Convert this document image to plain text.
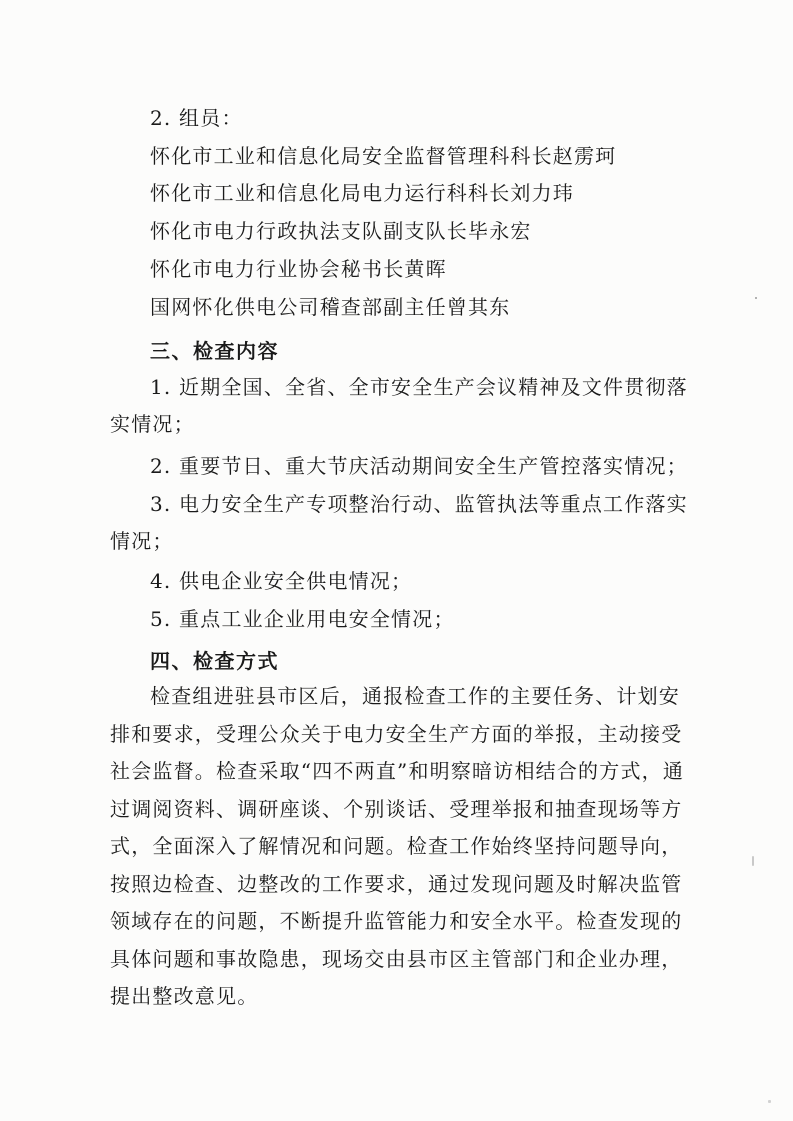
2. 组员：

怀化市工业和信息化局安全监督管理科科长赵雳珂

怀化市工业和信息化局电力运行科科长刘力玮

怀化市电力行政执法支队副支队长毕永宏

怀化市电力行业协会秘书长黄晖

国网怀化供电公司稽查部副主任曾其东

三、检查内容

1. 近期全国、全省、全市安全生产会议精神及文件贯彻落实情况；

2. 重要节日、重大节庆活动期间安全生产管控落实情况；

3. 电力安全生产专项整治行动、监管执法等重点工作落实情况；

4. 供电企业安全供电情况；

5. 重点工业企业用电安全情况；

四、检查方式

检查组进驻县市区后，通报检查工作的主要任务、计划安排和要求，受理公众关于电力安全生产方面的举报，主动接受社会监督。检查采取“四不两直”和明察暗访相结合的方式，通过调阅资料、调研座谈、个别谈话、受理举报和抽查现场等方式，全面深入了解情况和问题。检查工作始终坚持问题导向，按照边检查、边整改的工作要求，通过发现问题及时解决监管领域存在的问题，不断提升监管能力和安全水平。检查发现的具体问题和事故隐患，现场交由县市区主管部门和企业办理，提出整改意见。
